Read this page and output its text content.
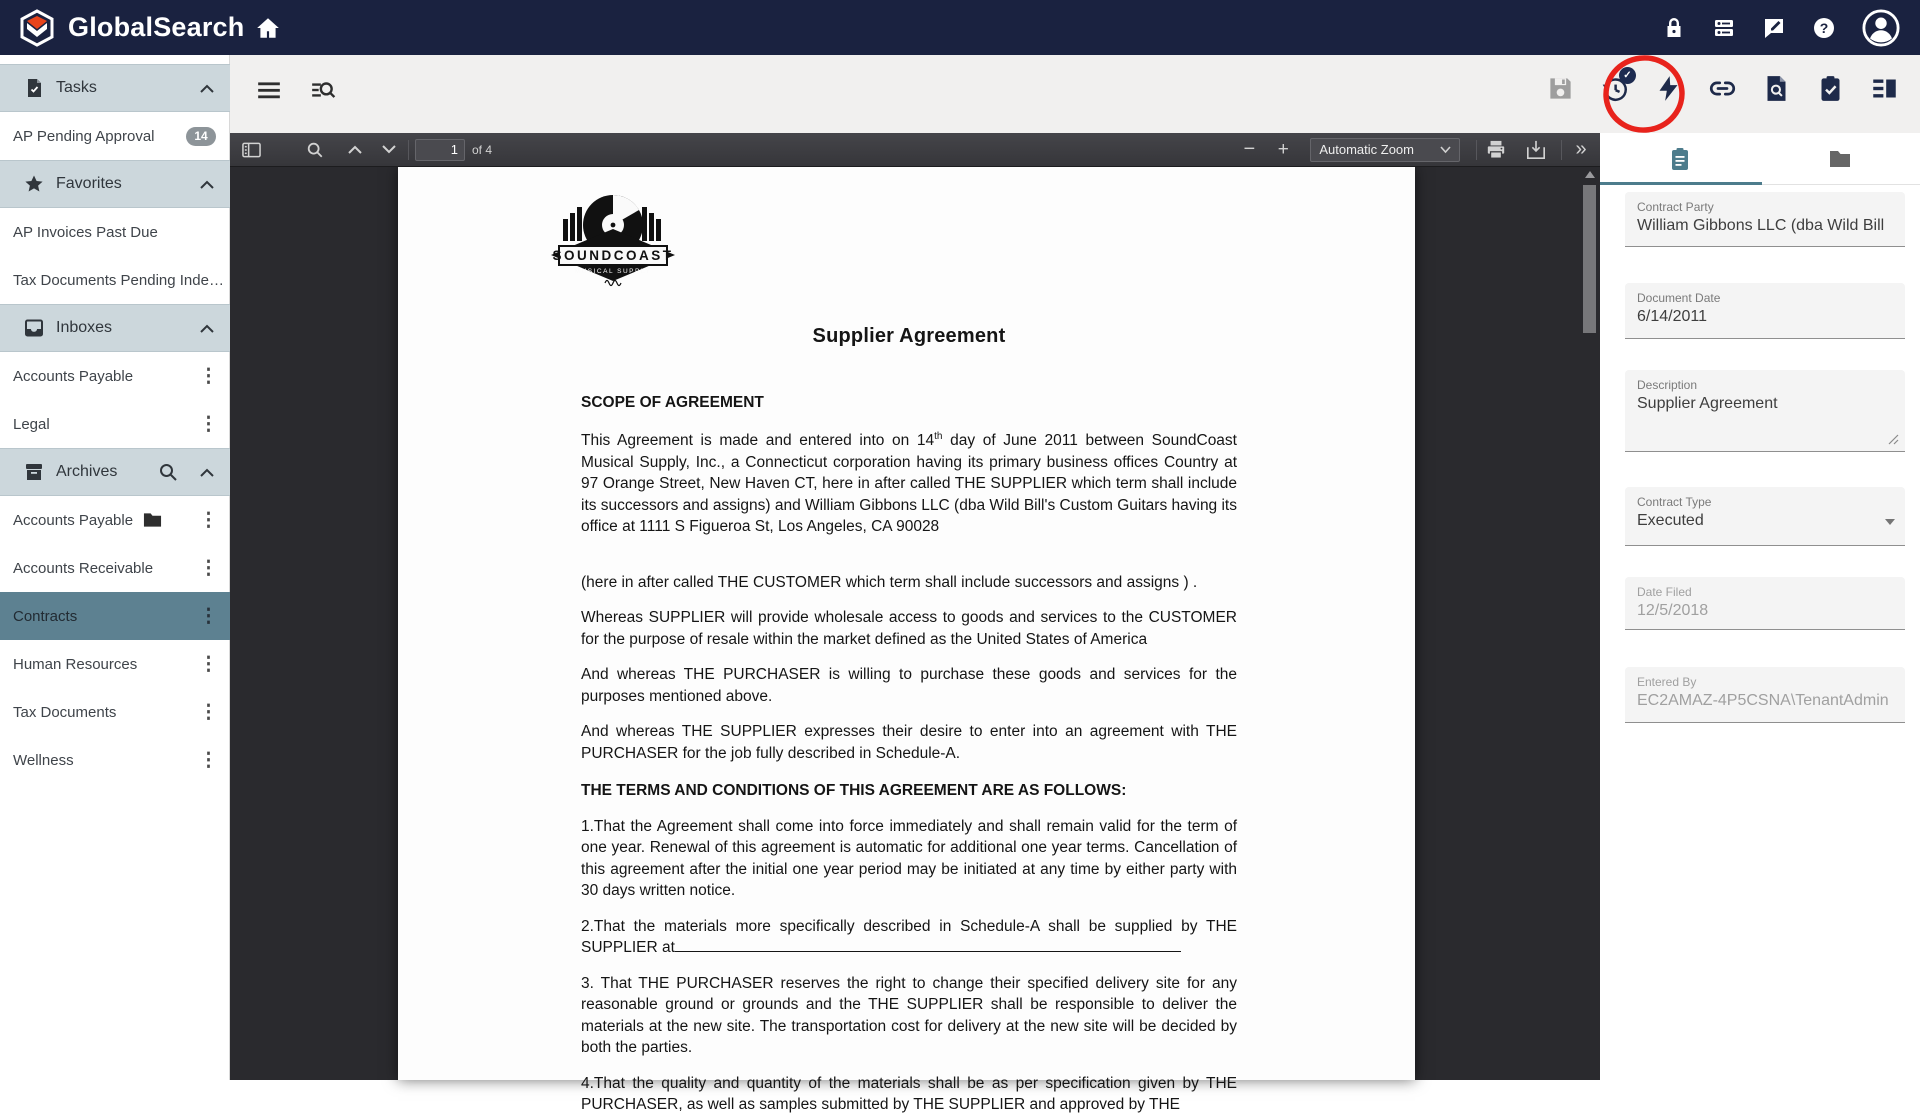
GlobalSearch	?
Tasks
AP Pending Approval	14
Favorites
AP Invoices Past Due
Tax Documents Pending Inde…
Inboxes
Accounts Payable	⋮
Legal	⋮
Archives
Accounts Payable	⋮
Accounts Receivable ⋮
Contracts	⋮
Human Resources	⋮
Tax Documents	⋮
Wellness	⋮
✓
1
of 4	−	+	Automatic Zoom	»
SOUNDCOAST
MUSICAL SUPPLY
Supplier Agreement
SCOPE OF AGREEMENT

This Agreement is made and entered into on 14th day of June 2011 between SoundCoast Musical Supply, Inc., a Connecticut corporation having its primary business offices Country at 97 Orange Street, New Haven CT, here in after called THE SUPPLIER which term shall include its successors and assigns) and William Gibbons LLC (dba Wild Bill's Custom Guitars having its office at 1111 S Figueroa St, Los Angeles, CA 90028

(here in after called THE CUSTOMER which term shall include successors and assigns ) .

Whereas SUPPLIER will provide wholesale access to goods and services to the CUSTOMER for the purpose of resale within the market defined as the United States of America

And whereas THE PURCHASER is willing to purchase these goods and services for the purposes mentioned above.

And whereas THE SUPPLIER expresses their desire to enter into an agreement with THE PURCHASER for the job fully described in Schedule-A.

THE TERMS AND CONDITIONS OF THIS AGREEMENT ARE AS FOLLOWS:

1.That the Agreement shall come into force immediately and shall remain valid for the term of one year. Renewal of this agreement is automatic for additional one year terms. Cancellation of this agreement after the initial one year period may be initiated at any time by either party with 30 days written notice.

2.That the materials more specifically described in Schedule-A shall be supplied by THE SUPPLIER at

3. That THE PURCHASER reserves the right to change their specified delivery site for any reasonable ground or grounds and the THE SUPPLIER shall be responsible to deliver the materials at the new site. The transportation cost for delivery at the new site will be decided by both the parties.

4.That the quality and quantity of the materials shall be as per specification given by THE PURCHASER, as well as samples submitted by THE SUPPLIER and approved by THE

Contract Party
William Gibbons LLC (dba Wild Bill
Document Date
6/14/2011
Description
Supplier Agreement
Contract Type
Executed
Date Filed
12/5/2018
Entered By
EC2AMAZ-4P5CSNA\TenantAdmin
